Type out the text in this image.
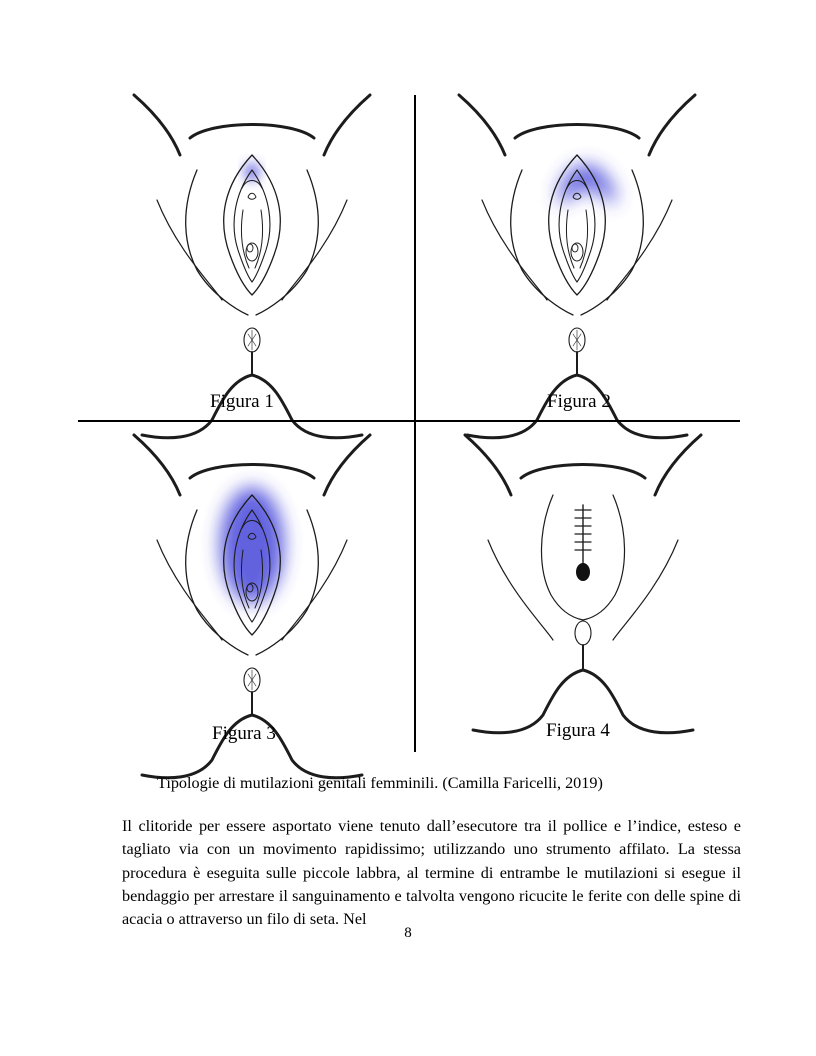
Figura 1	Figura 2
Figura 3	Figura 4
Tipologie di mutilazioni genitali femminili. (Camilla Faricelli, 2019)

Il clitoride per essere asportato viene tenuto dall’esecutore tra il pollice e l’indice, esteso e tagliato via con un movimento rapidissimo; utilizzando uno strumento affilato. La stessa procedura è eseguita sulle piccole labbra, al termine di entrambe le mutilazioni si esegue il bendaggio per arrestare il sanguinamento e talvolta vengono ricucite le ferite con delle spine di acacia o attraverso un filo di seta. Nel

8
